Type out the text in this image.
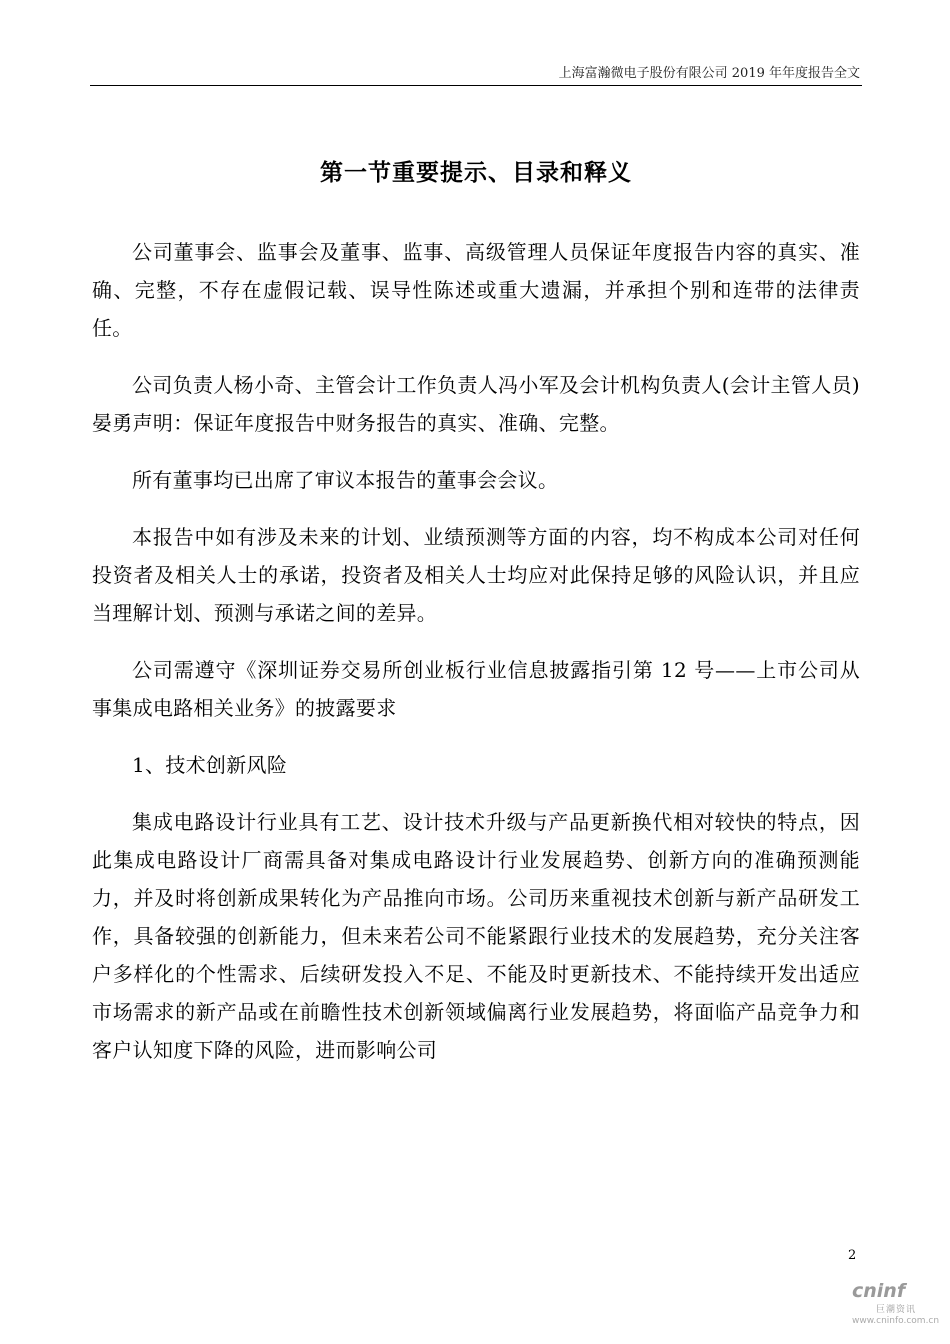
上海富瀚微电子股份有限公司 2019 年年度报告全文
第一节重要提示、目录和释义

公司董事会、监事会及董事、监事、高级管理人员保证年度报告内容的真实、准确、完整，不存在虚假记载、误导性陈述或重大遗漏，并承担个别和连带的法律责任。

公司负责人杨小奇、主管会计工作负责人冯小军及会计机构负责人(会计主管人员)晏勇声明：保证年度报告中财务报告的真实、准确、完整。

所有董事均已出席了审议本报告的董事会会议。

本报告中如有涉及未来的计划、业绩预测等方面的内容，均不构成本公司对任何投资者及相关人士的承诺，投资者及相关人士均应对此保持足够的风险认识，并且应当理解计划、预测与承诺之间的差异。

公司需遵守《深圳证券交易所创业板行业信息披露指引第 12 号——上市公司从事集成电路相关业务》的披露要求

1、技术创新风险

集成电路设计行业具有工艺、设计技术升级与产品更新换代相对较快的特点，因此集成电路设计厂商需具备对集成电路设计行业发展趋势、创新方向的准确预测能力，并及时将创新成果转化为产品推向市场。公司历来重视技术创新与新产品研发工作，具备较强的创新能力，但未来若公司不能紧跟行业技术的发展趋势，充分关注客户多样化的个性需求、后续研发投入不足、不能及时更新技术、不能持续开发出适应市场需求的新产品或在前瞻性技术创新领域偏离行业发展趋势，将面临产品竞争力和客户认知度下降的风险，进而影响公司

2
cninf
巨潮资讯
www.cninfo.com.cn
